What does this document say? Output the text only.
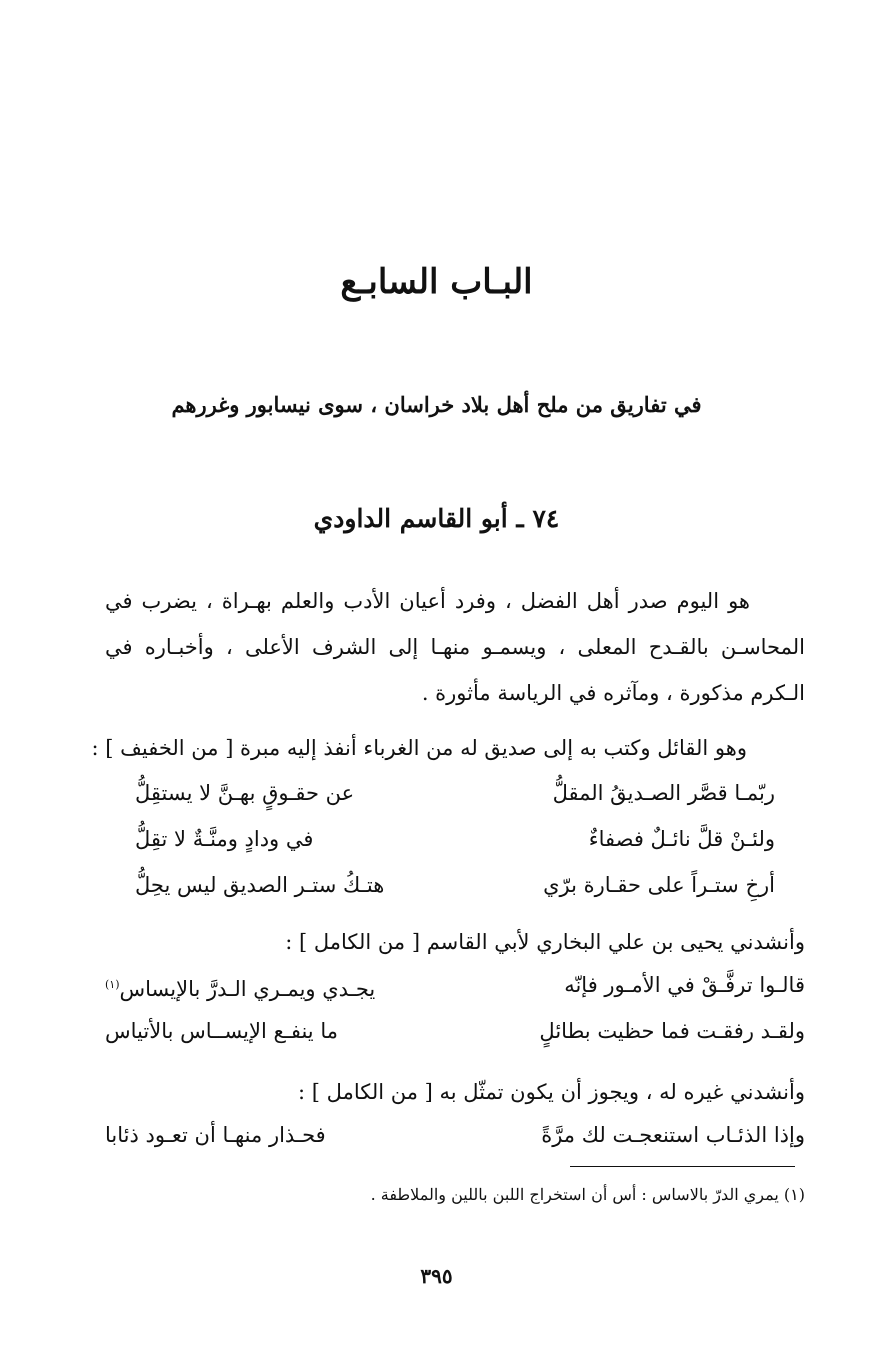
البـاب السابـع
في تفاريق من ملح أهل بلاد خراسان ، سوى نيسابور وغررهم
٧٤ ـ أبو القاسم الداودي

هو اليوم صدر أهل الفضل ، وفرد أعيان الأدب والعلم بهـراة ، يضرب في المحاسـن بالقـدح المعلى ، ويسمـو منهـا إلى الشرف الأعلى ، وأخبـاره في الـكرم مذكورة ، ومآثره في الرياسة مأثورة .

وهو القائل وكتب به إلى صديق له من الغرباء أنفذ إليه مبرة [ من الخفيف ] :

ربّمـا قصَّر الصـديقُ المقلُّ
عن حقـوقٍ بهـنَّ لا يستقِلُّ
ولئـنْ قلَّ نائـلٌ فصفاءٌ
في ودادٍ ومنَّـةٌ لا تقِلُّ
أرخِ ستـراً على حقـارة برّي
هتـكُ ستـر الصديق ليس يحِلُّ

وأنشدني يحيى بن علي البخاري لأبي القاسم [ من الكامل ] :

قالـوا ترفَّـقْ في الأمـور فإنّه
يجـدي ويمـري الـدرَّ بالإيساس$^{(١)}$
ولقـد رفقـت فما حظيت بطائلٍ
ما ينفـع الإيســاس بالأتياس

وأنشدني غيره له ، ويجوز أن يكون تمثّل به [ من الكامل ] :

وإذا الذئـاب استنعجـت لك مرَّةً
فحـذار منهـا أن تعـود ذئابا

(١) يمري الدرّ بالاساس : أس أن استخراج اللبن باللين والملاطفة .

٣٩٥
